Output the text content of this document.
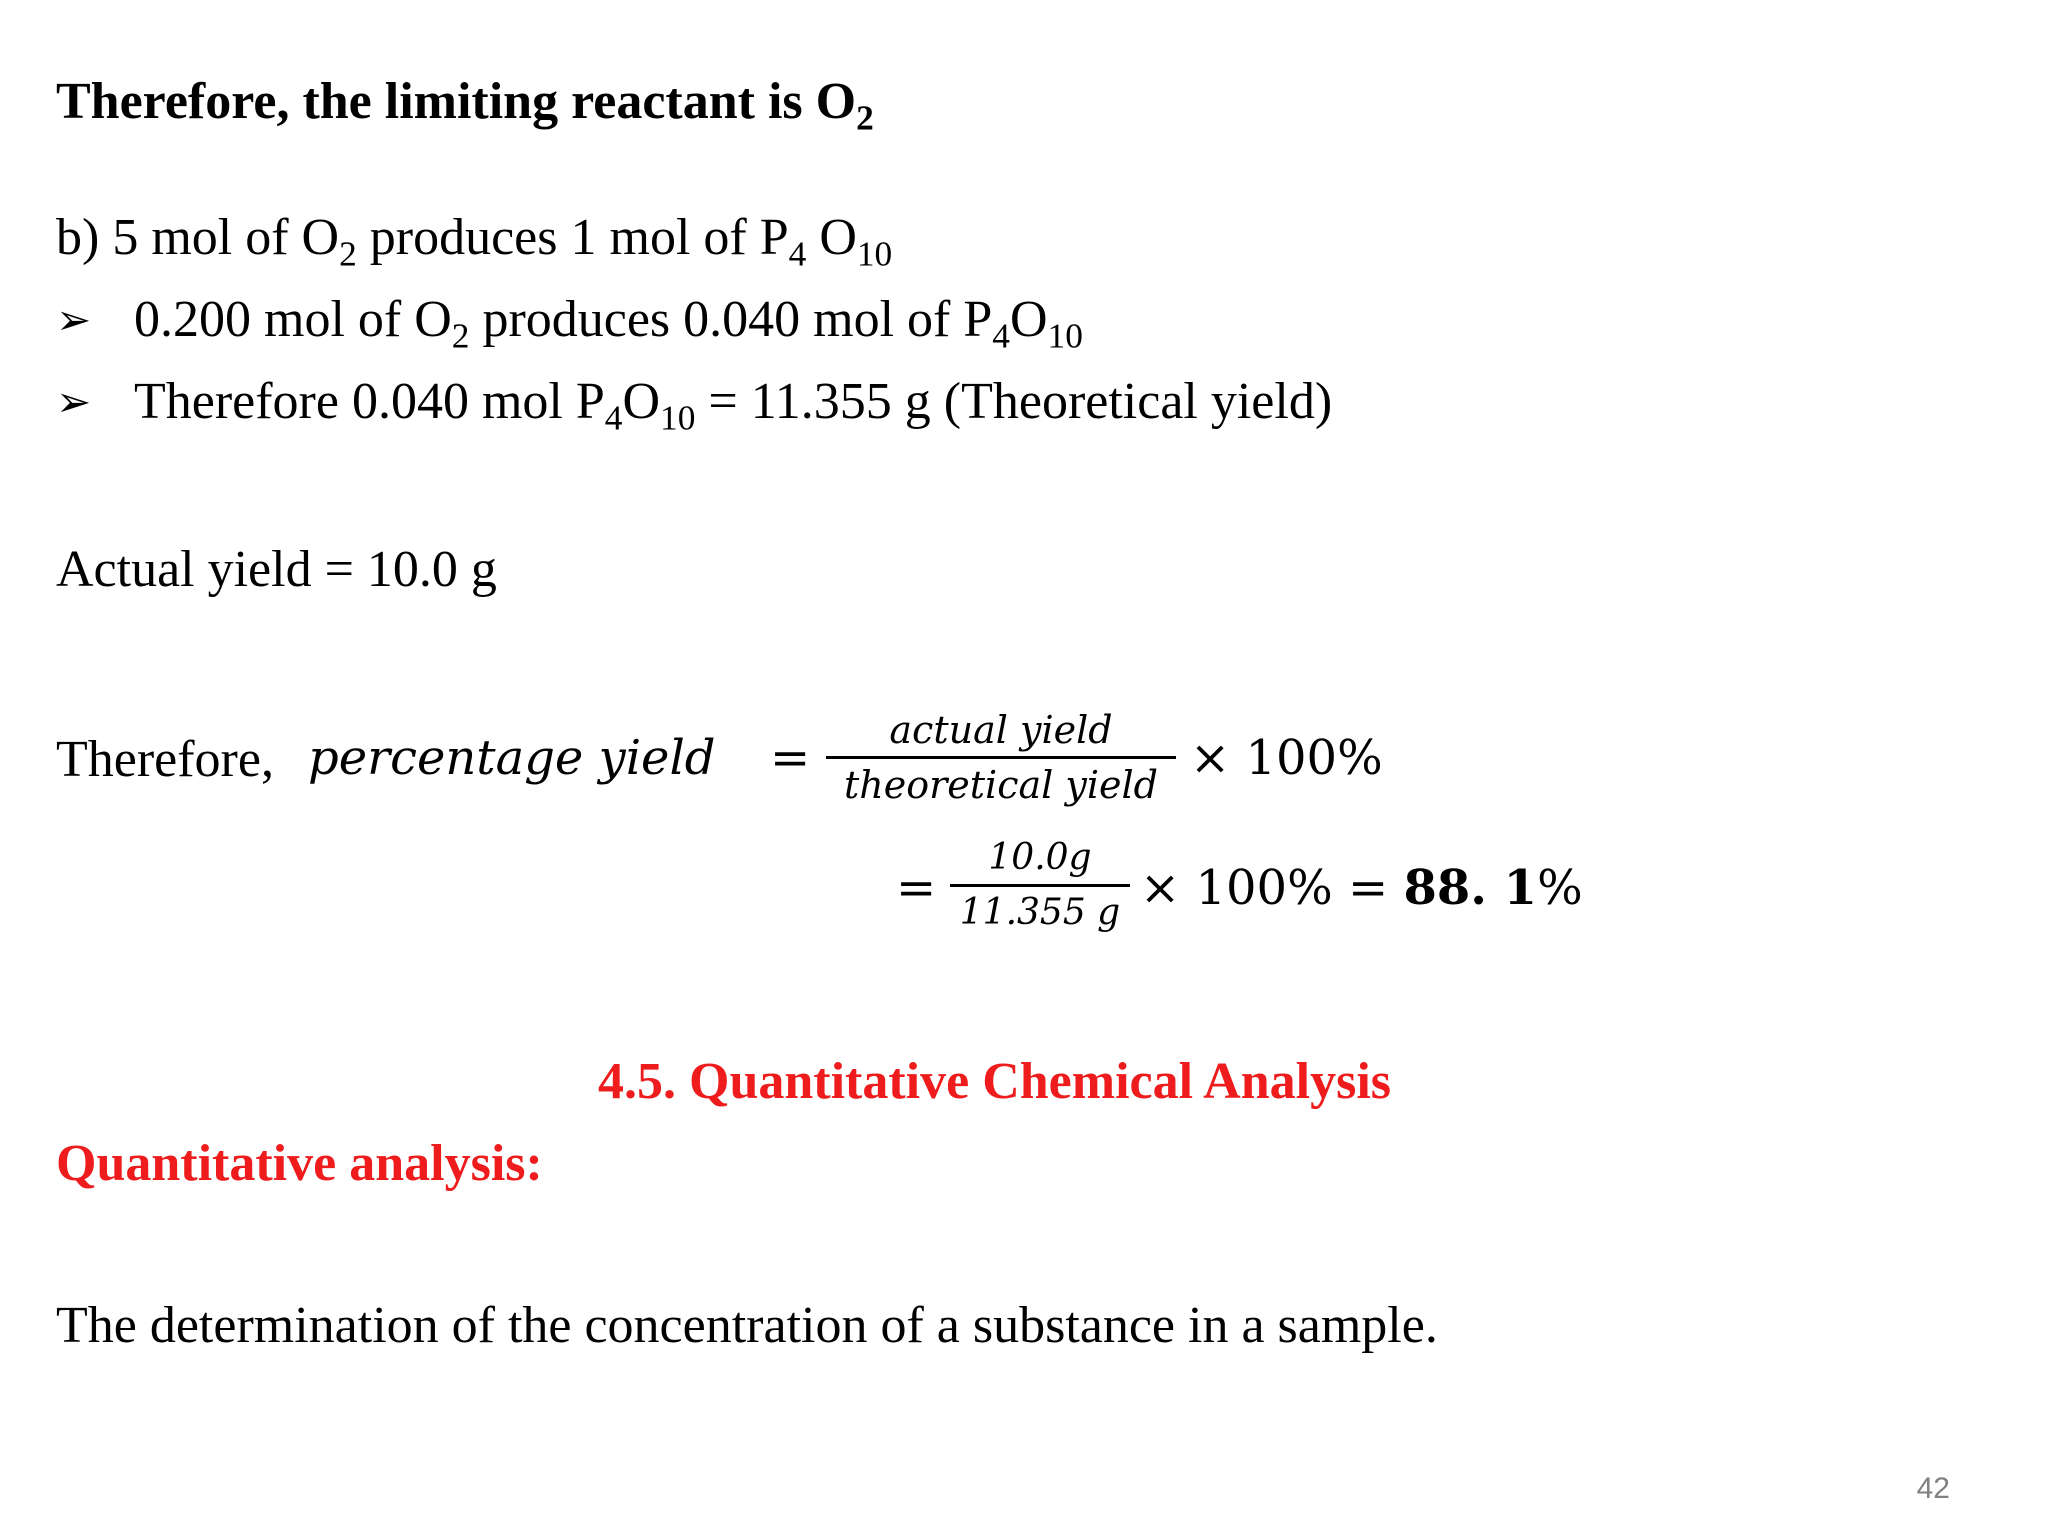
Therefore, the limiting reactant is $O_2$
b) 5 mol of $O_2$ produces 1 mol of $P_4$ $O_{10}$
➢ 0.200 mol of $O_2$ produces 0.040 mol of $P_4O_{10}$
➢ Therefore 0.040 mol $P_4O_{10} = 11.355$ g (Theoretical yield)
Actual yield = 10.0 g
Therefore, percentage yield =	actual yield
theoretical yield × 100%
=
10.0g
11.355 g × 100% = 88. 1%
4.5. Quantitative Chemical Analysis
Quantitative analysis:
The determination of the concentration of a substance in a sample.
42
